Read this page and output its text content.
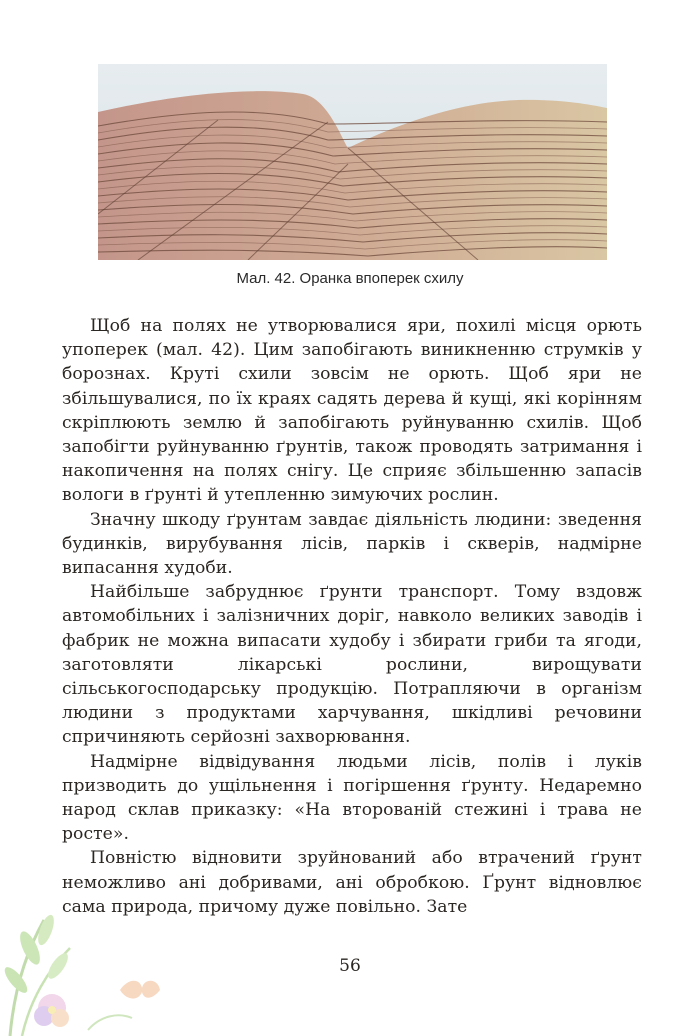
Мал. 42. Оранка впоперек схилу

Щоб на полях не утворювалися яри, похилі місця орють упоперек (мал. 42). Цим запобігають виникненню струмків у борознах. Круті схили зовсім не орють. Щоб яри не збільшувалися, по їх краях садять дерева й кущі, які корінням скріплюють землю й запобігають руйнуванню схилів. Щоб запобігти руйнуванню ґрунтів, також проводять затримання і накопичення на полях снігу. Це сприяє збільшенню запасів вологи в ґрунті й утепленню зимуючих рослин.

Значну шкоду ґрунтам завдає діяльність людини: зведення будинків, вирубування лісів, парків і скверів, надмірне випасання худоби.

Найбільше забруднює ґрунти транспорт. Тому вздовж автомобільних і залізничних доріг, навколо великих заводів і фабрик не можна випасати худобу і збирати гриби та ягоди, заготовляти лікарські рослини, вирощувати сільськогосподарську продукцію. Потрапляючи в організм людини з продуктами харчування, шкідливі речовини спричиняють серйозні захворювання.

Надмірне відвідування людьми лісів, полів і луків призводить до ущільнення і погіршення ґрунту. Недаремно народ склав приказку: «На второваній стежині і трава не росте».

Повністю відновити зруйнований або втрачений ґрунт неможливо ані добривами, ані обробкою. Ґрунт відновлює сама природа, причому дуже повільно. Зате

56
